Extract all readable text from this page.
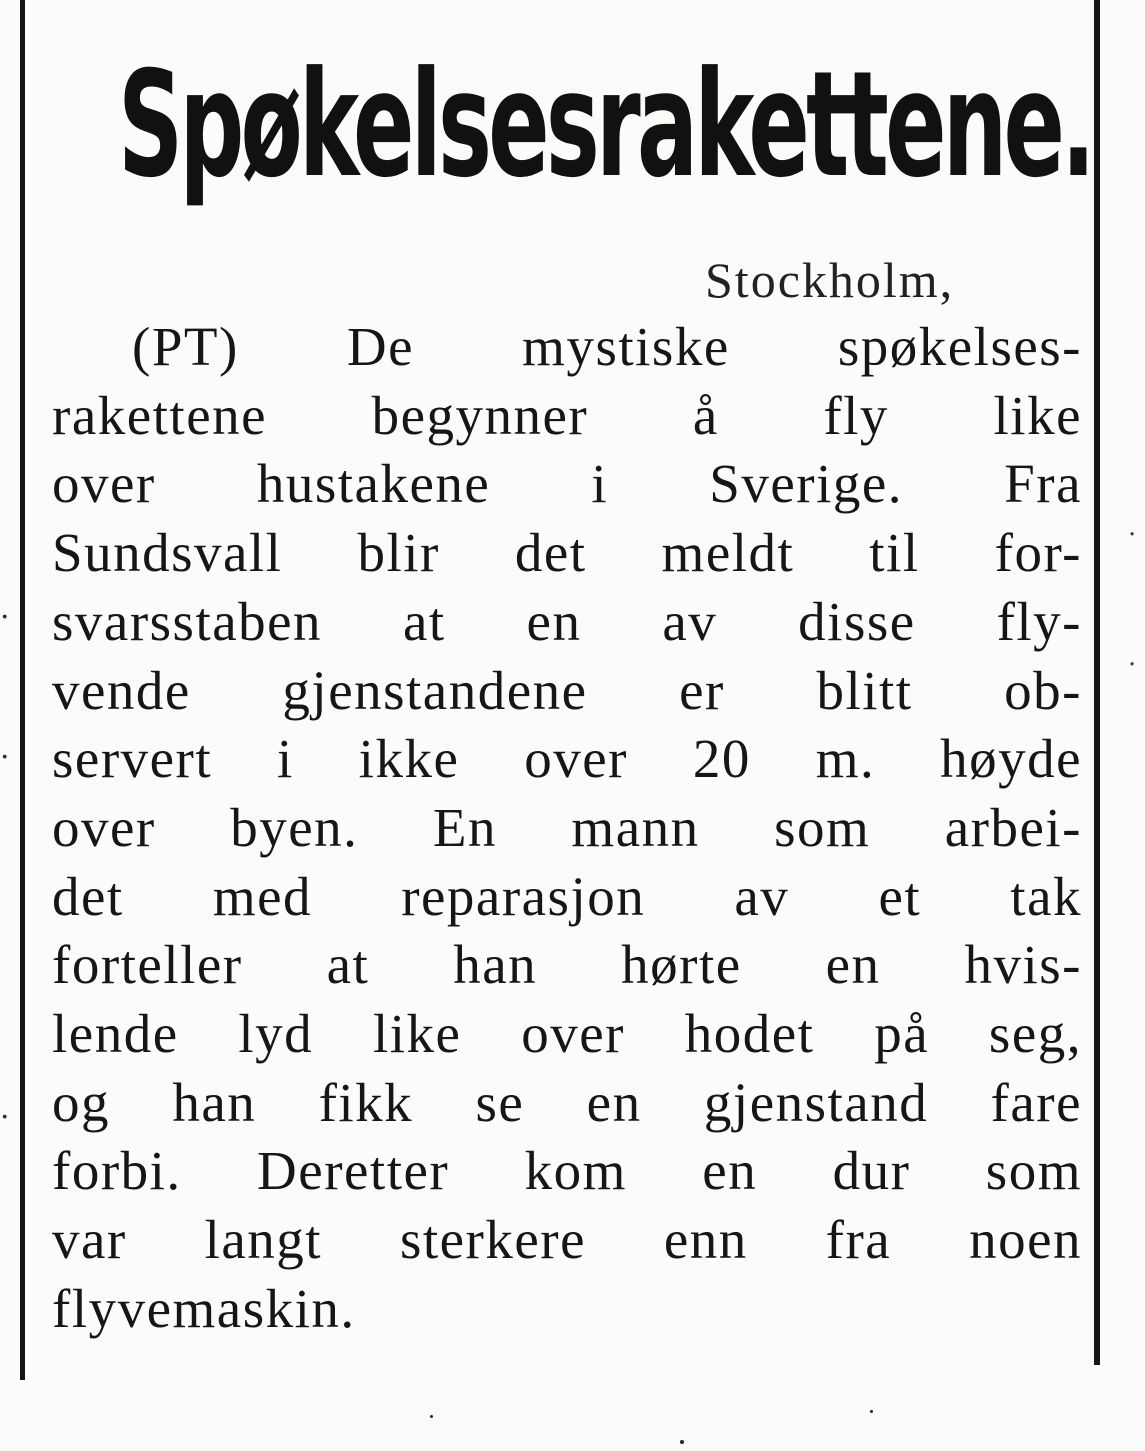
·
·
·
·
·
Spøkelsesrakettene.
Stockholm,
(PT) De mystiske spøkelses-
rakettene begynner å fly like
over hustakene i Sverige. Fra
Sundsvall blir det meldt til for-
svarsstaben at en av disse fly-
vende gjenstandene er blitt ob-
servert i ikke over 20 m. høyde
over byen. En mann som arbei-
det med reparasjon av et tak
forteller at han hørte en hvis-
lende lyd like over hodet på seg,
og han fikk se en gjenstand fare
forbi. Deretter kom en dur som
var langt sterkere enn fra noen
flyvemaskin.
